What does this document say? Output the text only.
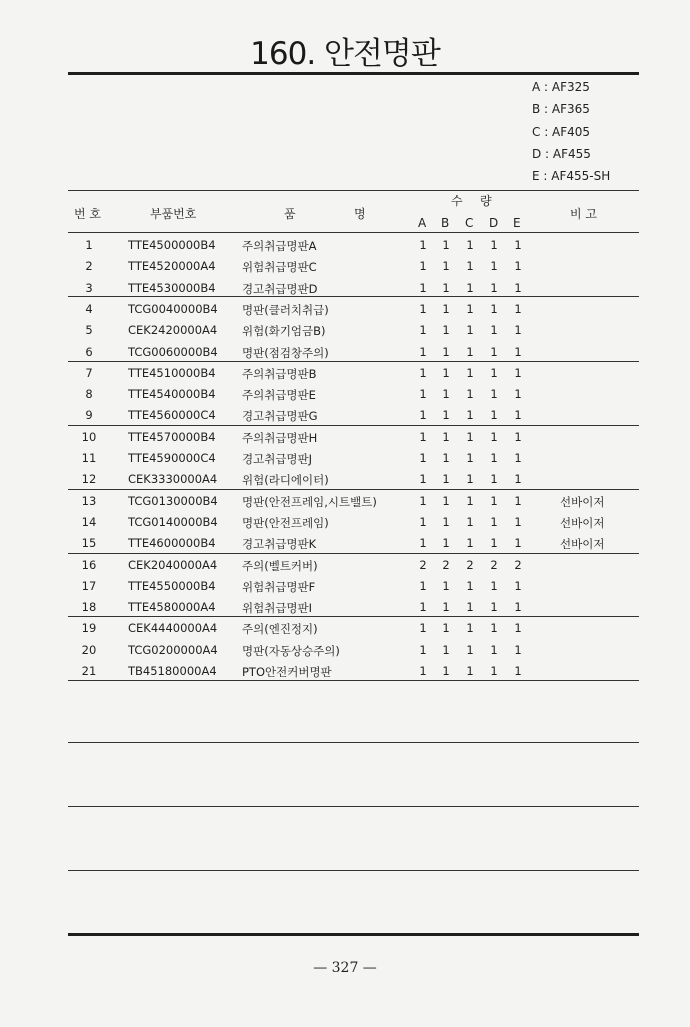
160. 안전명판
A : AF325
B : AF365
C : AF405
D : AF455
E : AF455-SH
번 호	부품번호	품	명
수 량
A B C D E
비 고
1	TTE4500000B4 주의취급명판A	1 1 1 1 1
2	TTE4520000A4 위험취급명판C	1 1 1 1 1
3	TTE4530000B4 경고취급명판D	1 1 1 1 1
4	TCG0040000B4 명판(클러치취급)	1 1 1 1 1
5	CEK2420000A4 위험(화기엄금B)	1 1 1 1 1
6	TCG0060000B4 명판(점검창주의)	1 1 1 1 1
7	TTE4510000B4 주의취급명판B	1 1 1 1 1
8	TTE4540000B4 주의취급명판E	1 1 1 1 1
9	TTE4560000C4 경고취급명판G	1 1 1 1 1
10	TTE4570000B4 주의취급명판H	1 1 1 1 1
11	TTE4590000C4 경고취급명판J	1 1 1 1 1
12	CEK3330000A4 위험(라디에이터)	1 1 1 1 1
13	TCG0130000B4 명판(안전프레임,시트밸트)	1 1 1 1 1	선바이저
14	TCG0140000B4 명판(안전프레임)	1 1 1 1 1	선바이저
15	TTE4600000B4 경고취급명판K	1 1 1 1 1	선바이저
16	CEK2040000A4 주의(벨트커버)	2 2 2 2 2
17	TTE4550000B4 위험취급명판F	1 1 1 1 1
18	TTE4580000A4 위험취급명판I	1 1 1 1 1
19	CEK4440000A4 주의(엔진정지)	1 1 1 1 1
20	TCG0200000A4 명판(자동상승주의)	1 1 1 1 1
21	TB45180000A4 PTO안전커버명판	1 1 1 1 1
— 327 —
